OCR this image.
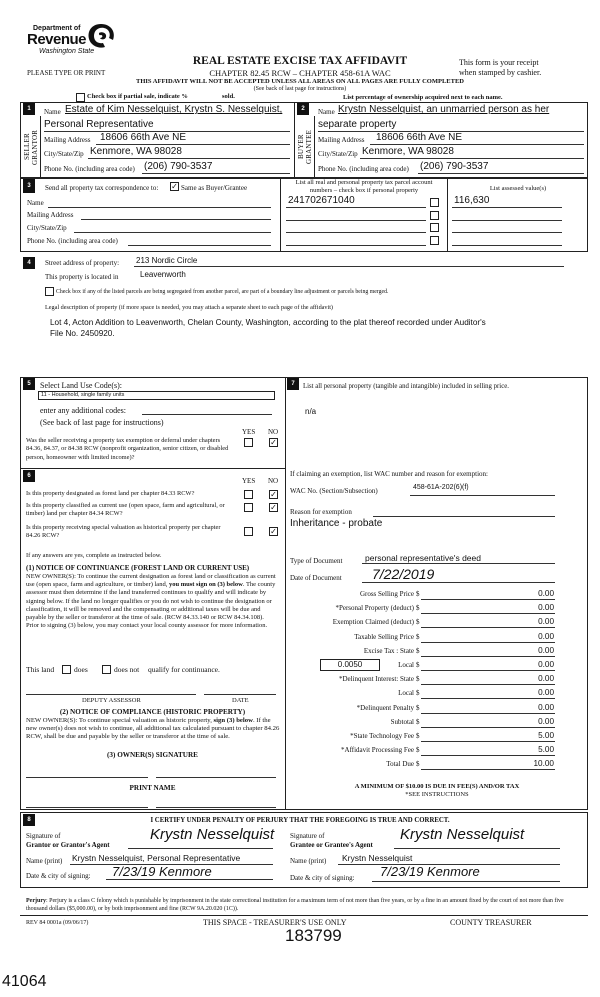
Department of
Revenue
Washington State
PLEASE TYPE OR PRINT
REAL ESTATE EXCISE TAX AFFIDAVIT
CHAPTER 82.45 RCW – CHAPTER 458-61A WAC
This form is your receipt
when stamped by cashier.
THIS AFFIDAVIT WILL NOT BE ACCEPTED UNLESS ALL AREAS ON ALL PAGES ARE FULLY COMPLETED
(See back of last page for instructions)
Check box if partial sale, indicate %	sold.	List percentage of ownership acquired next to each name.
1
SELLER GRANTOR
Name Estate of Kim Nesselquist, Krystn S. Nesselquist,
Personal Representative
Mailing Address 18606 66th Ave NE
City/State/Zip Kenmore, WA 98028
Phone No. (including area code) (206) 790-3537
2
BUYER GRANTEE
Name Krystn Nesselquist, an unmarried person as her
separate property
Mailing Address 18606 66th Ave NE
City/State/Zip Kenmore, WA 98028
Phone No. (including area code) (206) 790-3537
3	Send all property tax correspondence to: ✓ Same as Buyer/Grantee
Name
Mailing Address
City/State/Zip
Phone No. (including area code)
List all real and personal property tax parcel account
numbers – check box if personal property	List assessed value(s)
241702671040	116,630
4	Street address of property: 213 Nordic Circle
This property is located in	Leavenworth
Check box if any of the listed parcels are being segregated from another parcel, are part of a boundary line adjustment or parcels being merged.
Legal description of property (if more space is needed, you may attach a separate sheet to each page of the affidavit)
Lot 4, Acton Addition to Leavenworth, Chelan County, Washington, according to the plat thereof recorded under Auditor's
File No. 2450920.
5	Select Land Use Code(s):
11 - Household, single family units
enter any additional codes:
(See back of last page for instructions)
YES NO
Was the seller receiving a property tax exemption or deferral under chapters 84.36, 84.37, or 84.38 RCW (nonprofit organization, senior citizen, or disabled person, homeowner with limited income)?
✓
6
YES NO
Is this property designated as forest land per chapter 84.33 RCW?	✓
Is this property classified as current use (open space, farm and agricultural, or timber) land per chapter 84.34 RCW?
✓
Is this property receiving special valuation as historical property per chapter 84.26 RCW?	✓
If any answers are yes, complete as instructed below.
(1) NOTICE OF CONTINUANCE (FOREST LAND OR CURRENT USE)
NEW OWNER(S): To continue the current designation as forest land or classification as current use (open space, farm and agriculture, or timber) land, you must sign on (3) below. The county assessor must then determine if the land transferred continues to qualify and will indicate by signing below. If the land no longer qualifies or you do not wish to continue the designation or classification, it will be removed and the compensating or additional taxes will be due and payable by the seller or transferor at the time of sale. (RCW 84.33.140 or RCW 84.34.108). Prior to signing (3) below, you may contact your local county assessor for more information.
This land	does	does not qualify for continuance.
DEPUTY ASSESSOR	DATE
(2) NOTICE OF COMPLIANCE (HISTORIC PROPERTY)
NEW OWNER(S): To continue special valuation as historic property, sign (3) below. If the new owner(s) does not wish to continue, all additional tax calculated pursuant to chapter 84.26 RCW, shall be due and payable by the seller or transferor at the time of sale.
(3) OWNER(S) SIGNATURE
PRINT NAME
7	List all personal property (tangible and intangible) included in selling price.
n/a
If claiming an exemption, list WAC number and reason for exemption:
WAC No. (Section/Subsection)	458-61A-202(6)(f)
Reason for exemption
Inheritance - probate
Type of Document	personal representative's deed
Date of Document 7/22/2019
0.0050
Gross Selling Price $	0.00
*Personal Property (deduct) $	0.00
Exemption Claimed (deduct) $	0.00
Taxable Selling Price $	0.00
Excise Tax : State $	0.00
Local $	0.00
*Delinquent Interest: State $	0.00
Local $	0.00
*Delinquent Penalty $	0.00
Subtotal $	0.00
*State Technology Fee $	5.00
*Affidavit Processing Fee $	5.00
Total Due $	10.00
A MINIMUM OF $10.00 IS DUE IN FEE(S) AND/OR TAX
*SEE INSTRUCTIONS
8	I CERTIFY UNDER PENALTY OF PERJURY THAT THE FOREGOING IS TRUE AND CORRECT.
Signature of
Grantor or Grantor's Agent
Krystn Nesselquist
Name (print) Krystn Nesselquist, Personal Representative
Date & city of signing: 7/23/19 Kenmore
Signature of
Grantee or Grantee's Agent
Krystn Nesselquist
Name (print) Krystn Nesselquist
Date & city of signing: 7/23/19 Kenmore
Perjury: Perjury is a class C felony which is punishable by imprisonment in the state correctional institution for a maximum term of not more than five years, or by a fine in an amount fixed by the court of not more than five thousand dollars ($5,000.00), or by both imprisonment and fine (RCW 9A.20.020 (1C)).
REV 84 0001a (09/06/17)	THIS SPACE - TREASURER'S USE ONLY	COUNTY TREASURER
183799
41064
